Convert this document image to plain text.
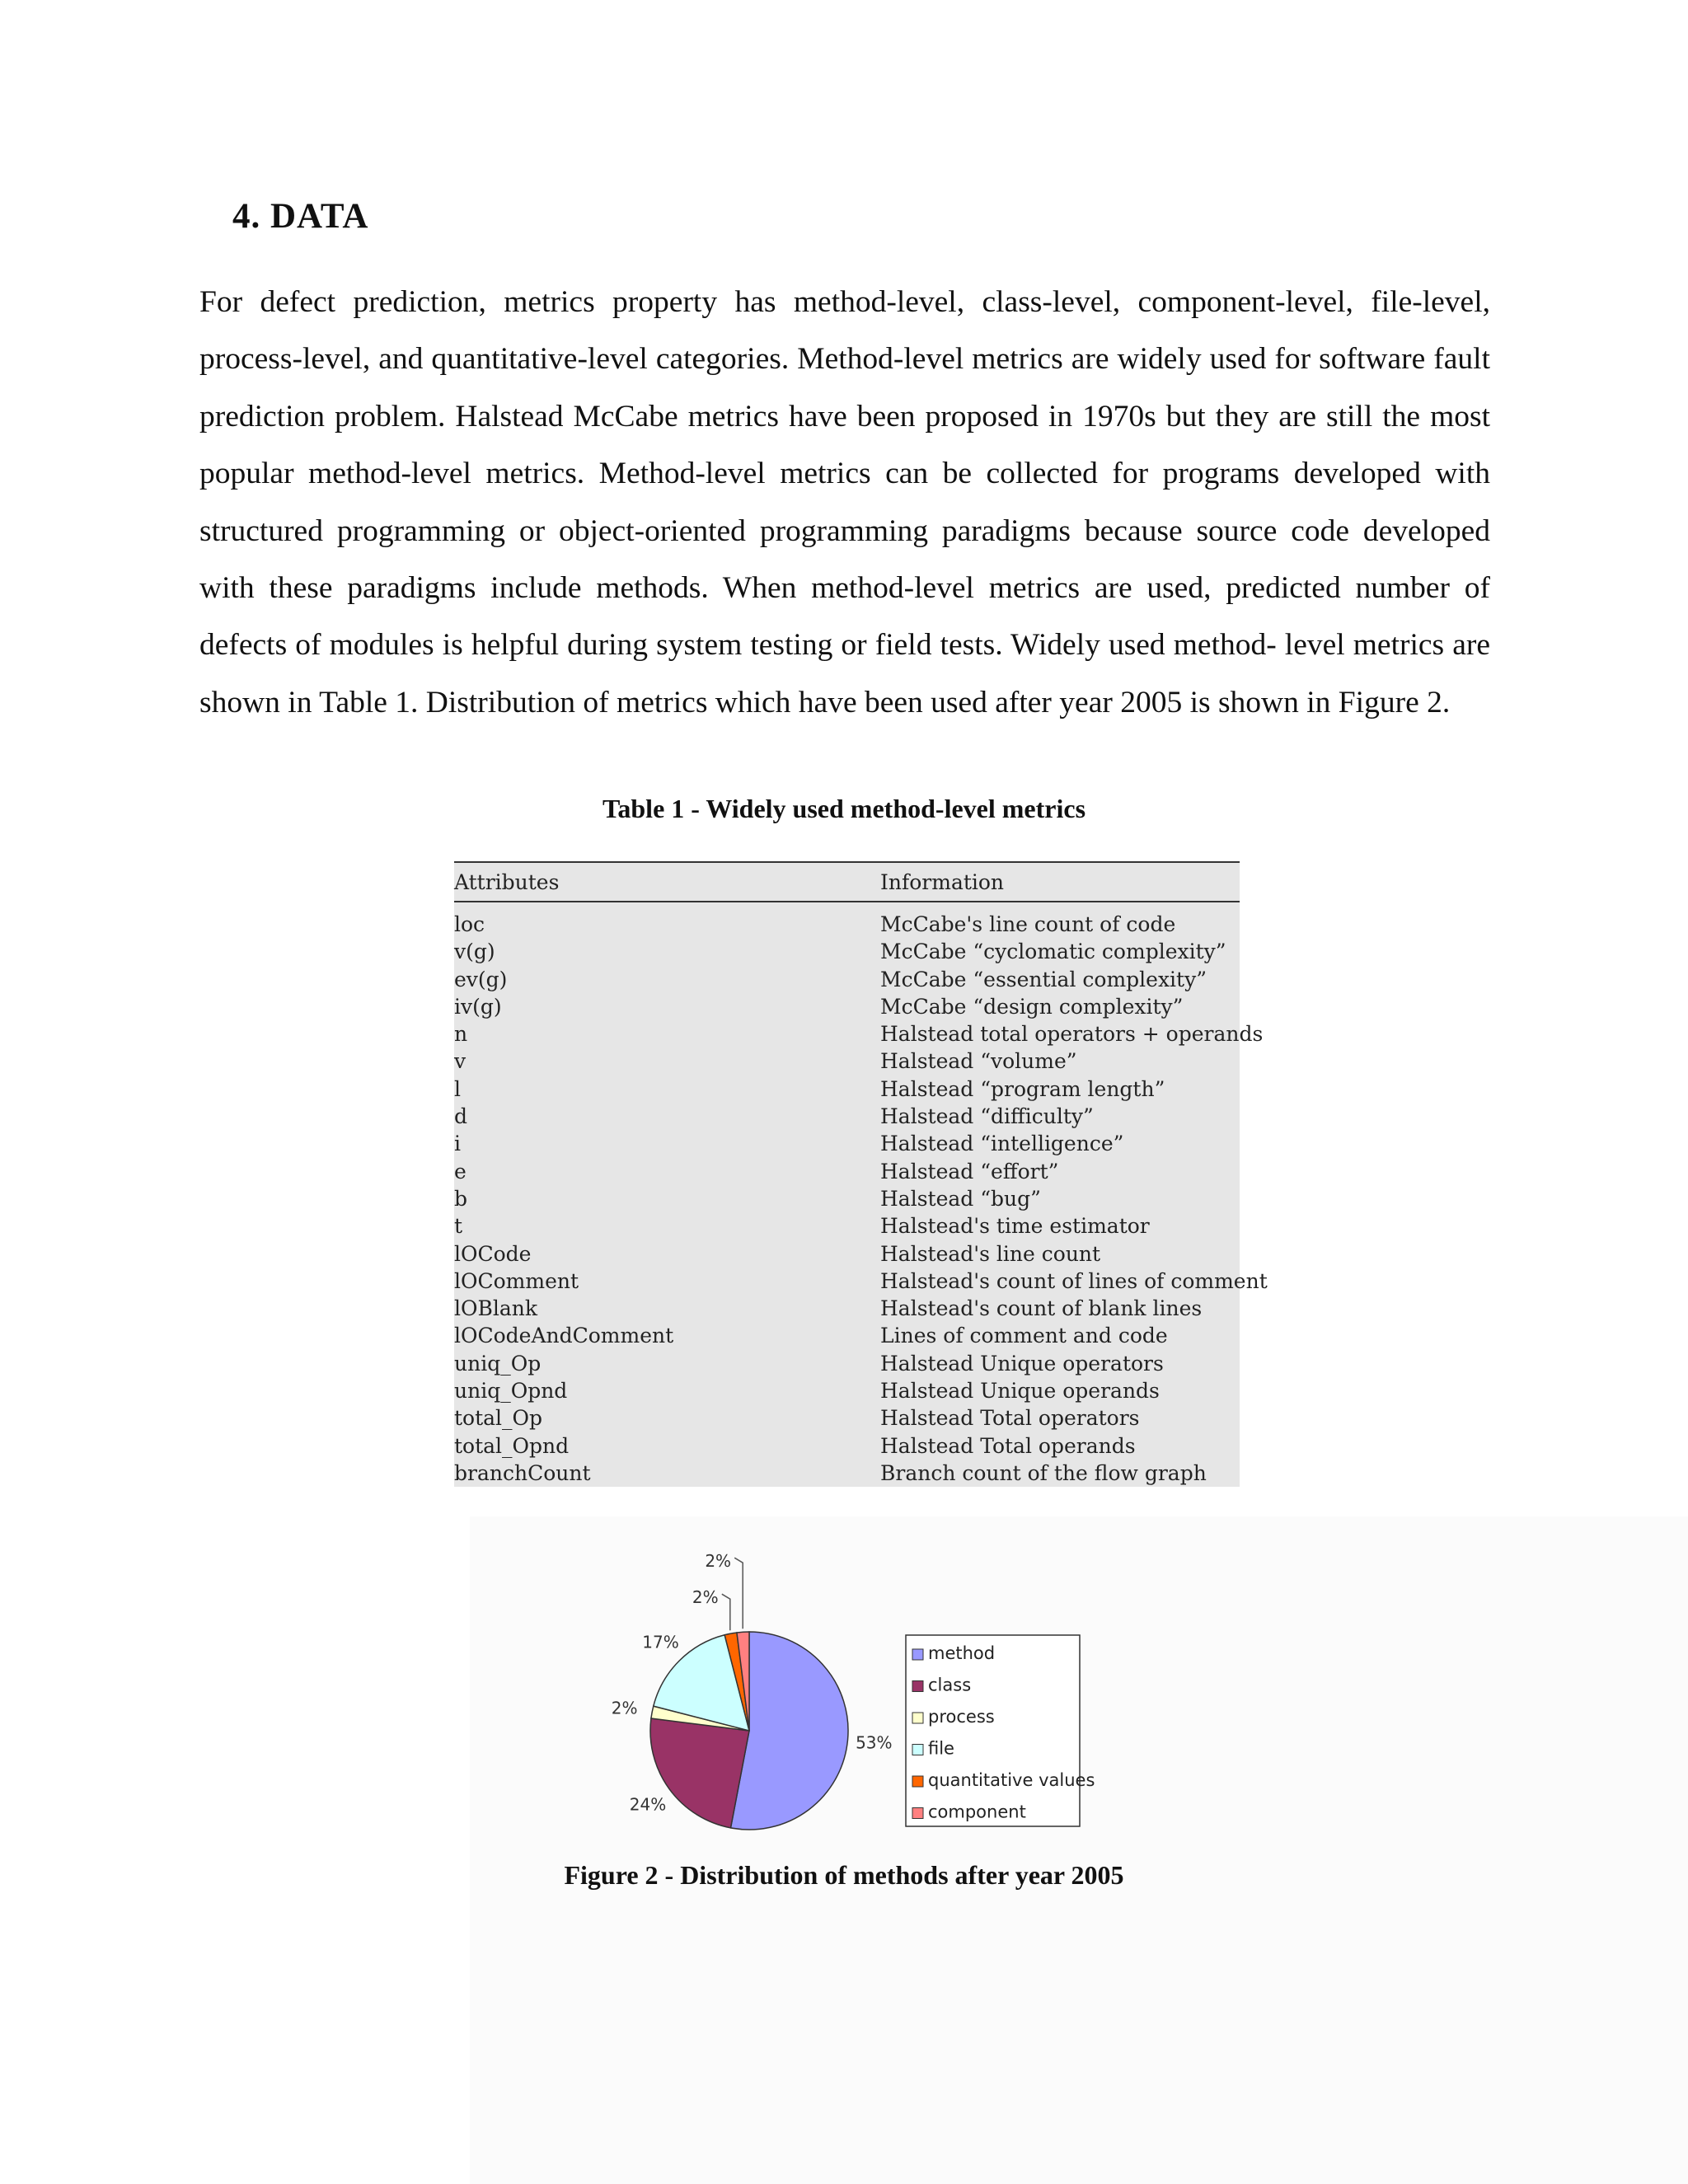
4. DATA

For defect prediction, metrics property has method-level, class-level, component-level, file-level, process-level, and quantitative-level categories. Method-level metrics are widely used for software fault prediction problem. Halstead McCabe metrics have been proposed in 1970s but they are still the most popular method-level metrics. Method-level metrics can be collected for programs developed with structured programming or object-oriented programming paradigms because source code developed with these paradigms include methods. When method-level metrics are used, predicted number of defects of modules is helpful during system testing or field tests. Widely used method- level metrics are shown in Table 1. Distribution of metrics which have been used after year 2005 is shown in Figure 2.

Table 1 - Widely used method-level metrics
Attributes	Information
loc	McCabe's line count of code
v(g)	McCabe “cyclomatic complexity”
ev(g)	McCabe “essential complexity”
iv(g)	McCabe “design complexity”
n	Halstead total operators + operands
v	Halstead “volume”
l	Halstead “program length”
d	Halstead “difficulty”
i	Halstead “intelligence”
e	Halstead “effort”
b	Halstead “bug”
t	Halstead's time estimator
lOCode	Halstead's line count
lOComment	Halstead's count of lines of comment
lOBlank	Halstead's count of blank lines
lOCodeAndComment	Lines of comment and code
uniq_Op	Halstead Unique operators
uniq_Opnd	Halstead Unique operands
total_Op	Halstead Total operators
total_Opnd	Halstead Total operands
branchCount	Branch count of the flow graph
53%
24%
2%
17%
2%
2%
method
class
process
file
quantitative values
component
Figure 2 - Distribution of methods after year 2005
